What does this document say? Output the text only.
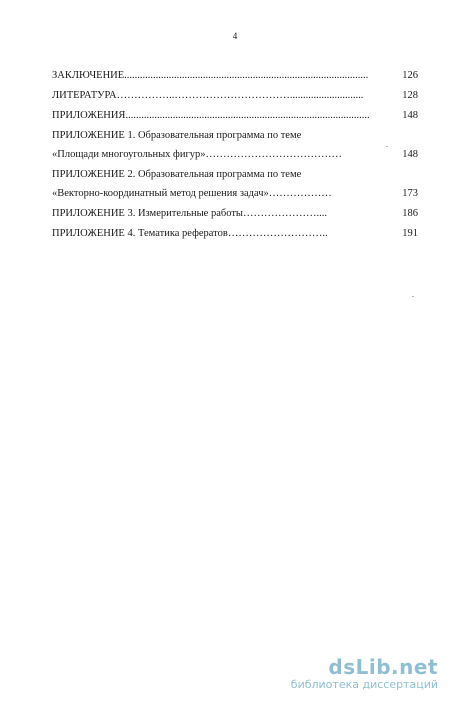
4
ЗАКЛЮЧЕНИЕ.............................................................................................	126
ЛИТЕРАТУРА……………..……………………………............................	128
ПРИЛОЖЕНИЯ.............................................................................................	148
ПРИЛОЖЕНИЕ 1. Образовательная программа по теме
«Площади многоугольных фигур»…………………………………	148
ПРИЛОЖЕНИЕ 2. Образовательная программа по теме
«Векторно-координатный метод решения задач»………………	173
ПРИЛОЖЕНИЕ 3. Измерительные работы…………………....	186
ПРИЛОЖЕНИЕ 4. Тематика рефератов………………………..	191
dsLib.net
библиотека диссертаций
